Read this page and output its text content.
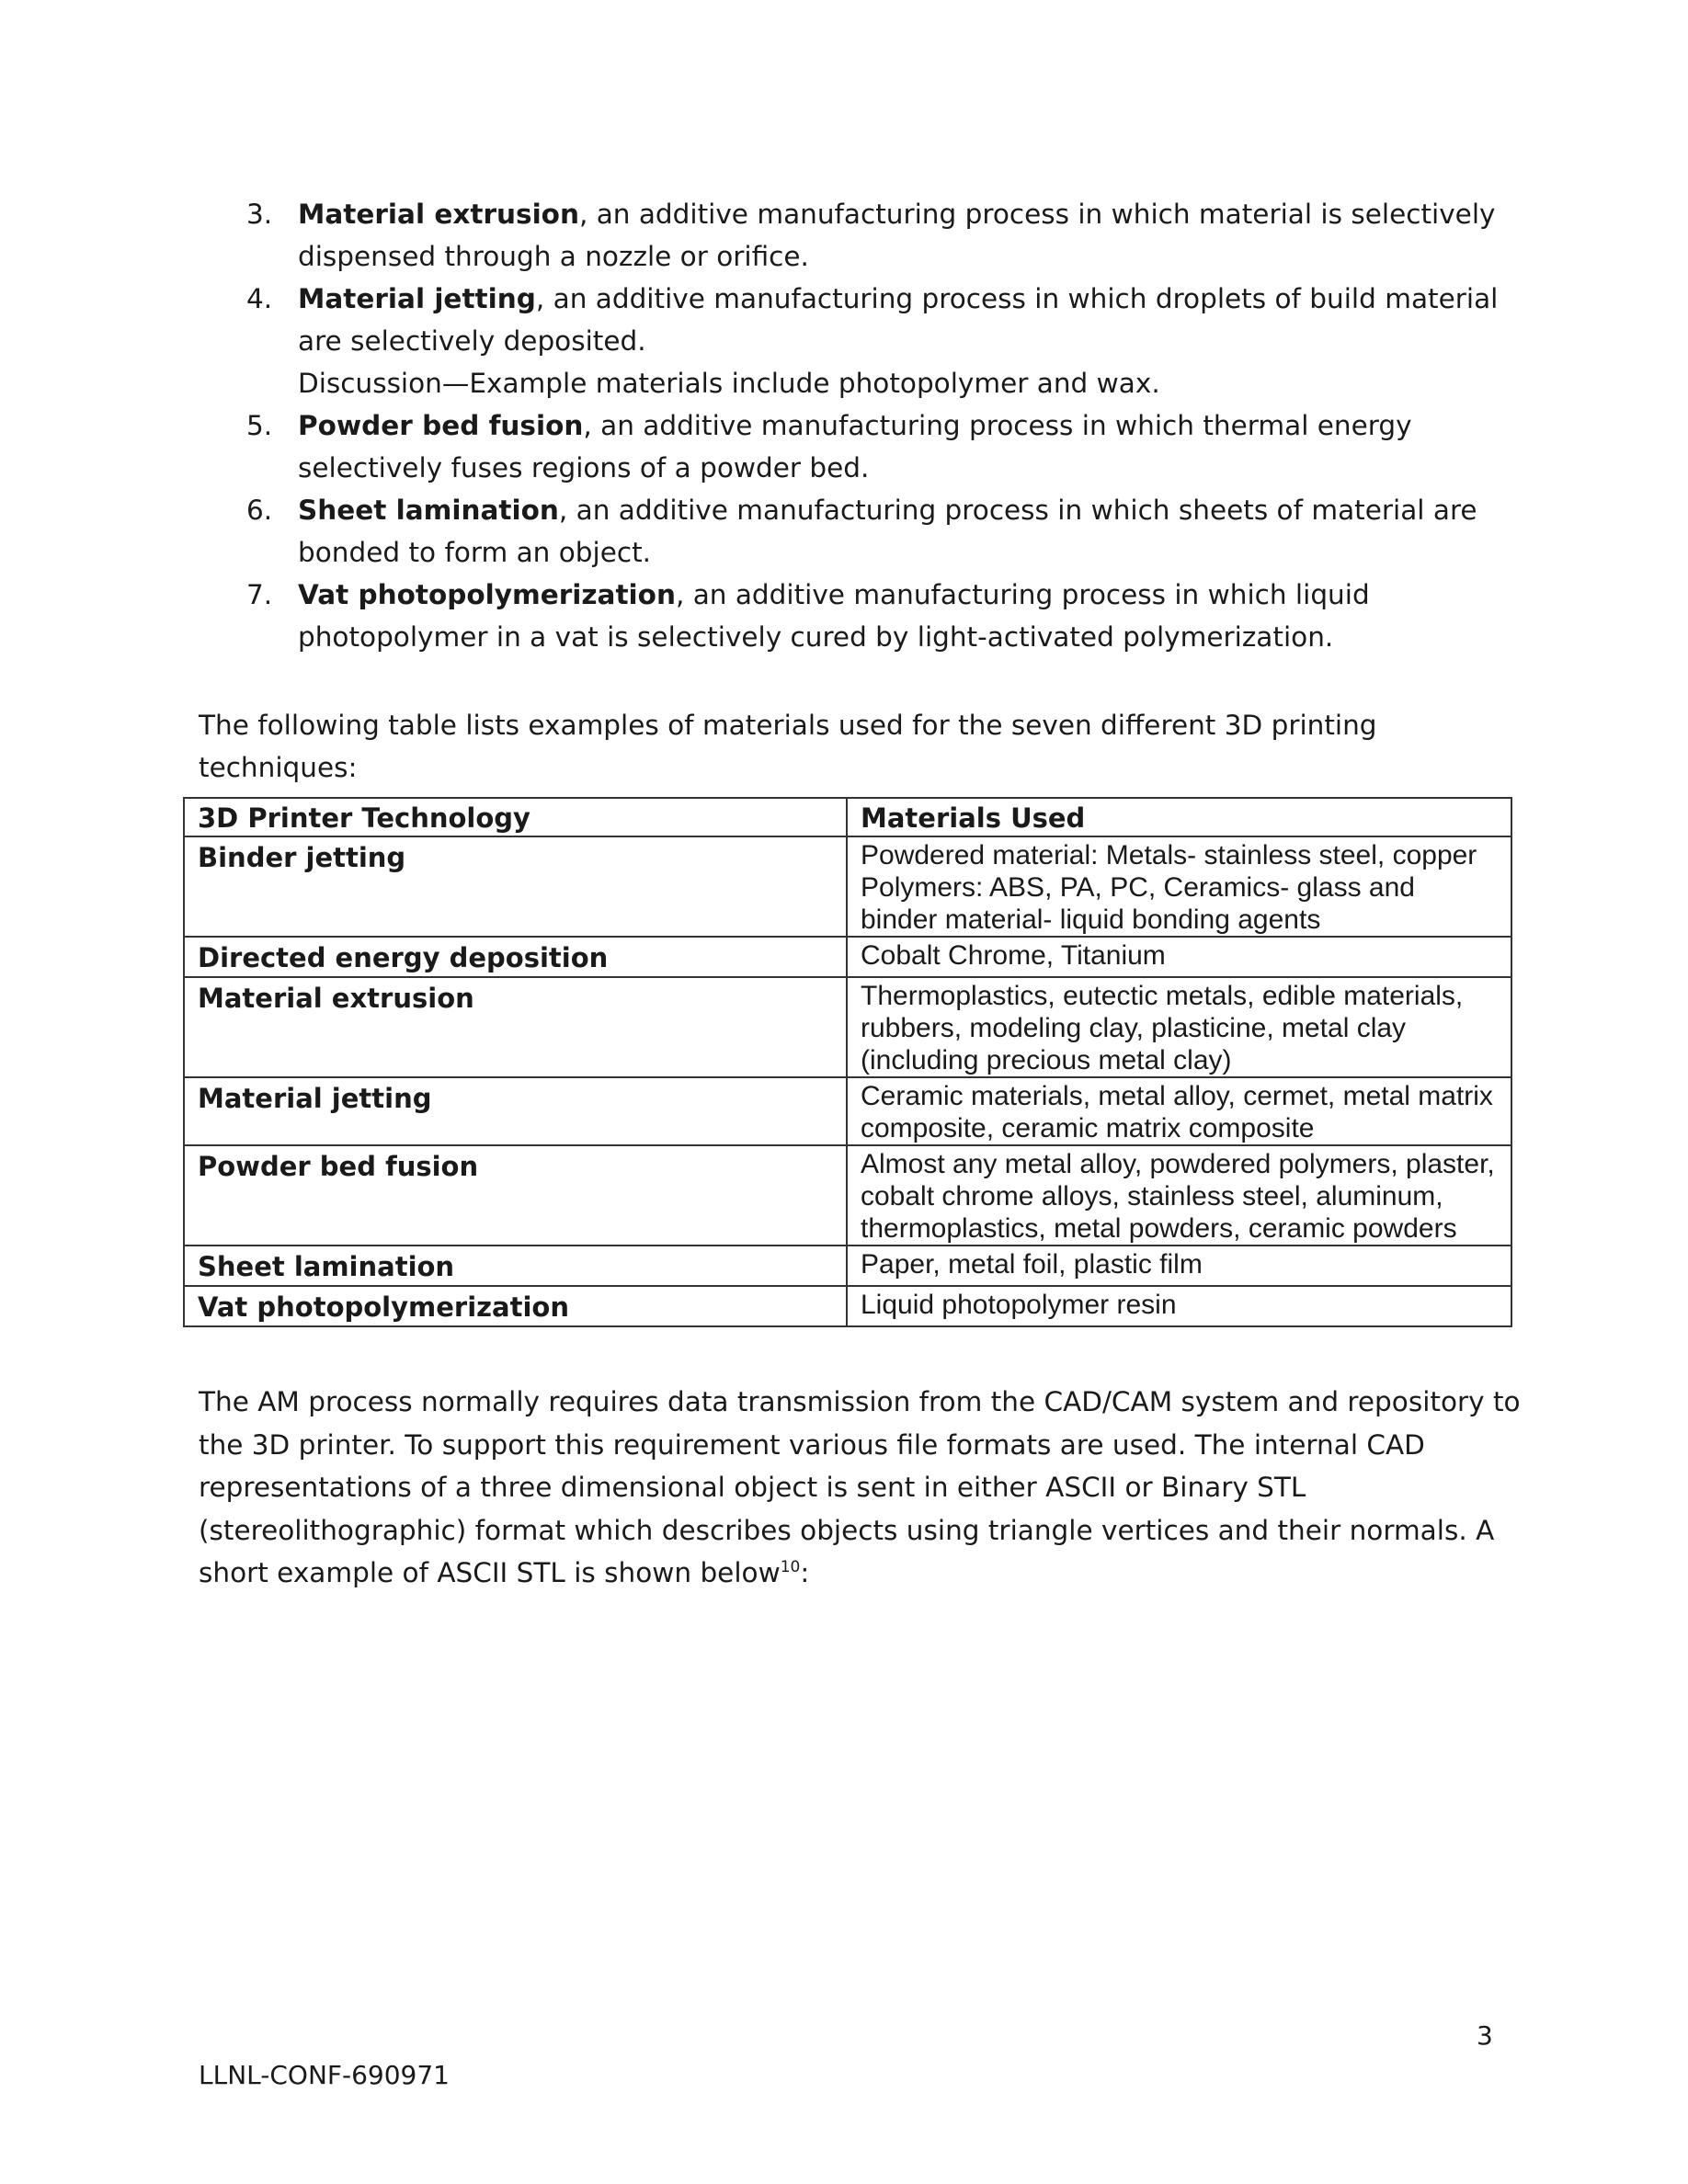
3. Material extrusion, an additive manufacturing process in which material is selectively dispensed through a nozzle or orifice.
4. Material jetting, an additive manufacturing process in which droplets of build material are selectively deposited.
Discussion—Example materials include photopolymer and wax.
5. Powder bed fusion, an additive manufacturing process in which thermal energy selectively fuses regions of a powder bed.
6. Sheet lamination, an additive manufacturing process in which sheets of material are bonded to form an object.
7. Vat photopolymerization, an additive manufacturing process in which liquid photopolymer in a vat is selectively cured by light-activated polymerization.
The following table lists examples of materials used for the seven different 3D printing techniques:
3D Printer Technology	Materials Used
Binder jetting	Powdered material: Metals- stainless steel, copper Polymers: ABS, PA, PC, Ceramics- glass and binder material- liquid bonding agents
Directed energy deposition	Cobalt Chrome, Titanium
Material extrusion	Thermoplastics, eutectic metals, edible materials, rubbers, modeling clay, plasticine, metal clay (including precious metal clay)
Material jetting	Ceramic materials, metal alloy, cermet, metal matrix composite, ceramic matrix composite
Powder bed fusion	Almost any metal alloy, powdered polymers, plaster, cobalt chrome alloys, stainless steel, aluminum, thermoplastics, metal powders, ceramic powders
Sheet lamination	Paper, metal foil, plastic film
Vat photopolymerization	Liquid photopolymer resin
The AM process normally requires data transmission from the CAD/CAM system and repository to the 3D printer. To support this requirement various file formats are used. The internal CAD representations of a three dimensional object is sent in either ASCII or Binary STL (stereolithographic) format which describes objects using triangle vertices and their normals. A short example of ASCII STL is shown below$^{10}$:
3
LLNL-CONF-690971
